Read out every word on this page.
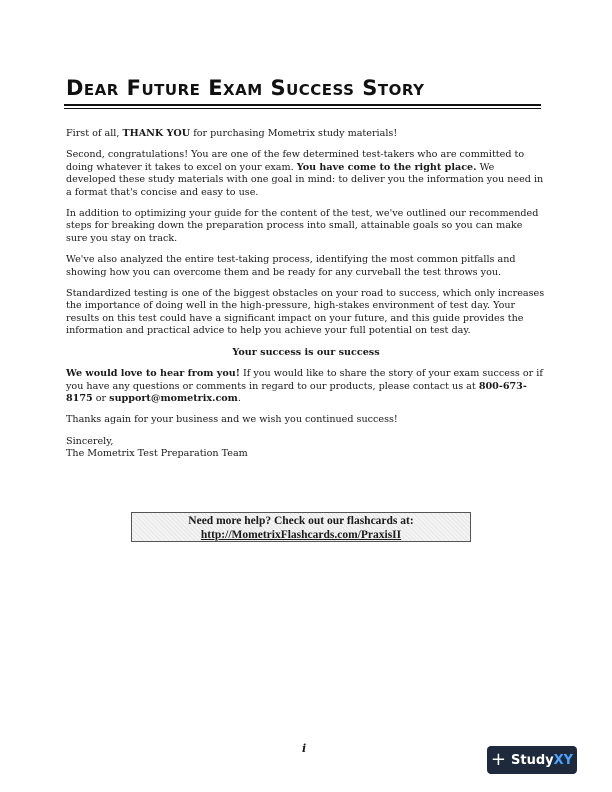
Dear Future Exam Success Story

First of all, THANK YOU for purchasing Mometrix study materials!

Second, congratulations! You are one of the few determined test-takers who are committed to doing whatever it takes to excel on your exam. You have come to the right place. We developed these study materials with one goal in mind: to deliver you the information you need in a format that's concise and easy to use.

In addition to optimizing your guide for the content of the test, we've outlined our recommended steps for breaking down the preparation process into small, attainable goals so you can make sure you stay on track.

We've also analyzed the entire test-taking process, identifying the most common pitfalls and showing how you can overcome them and be ready for any curveball the test throws you.

Standardized testing is one of the biggest obstacles on your road to success, which only increases the importance of doing well in the high-pressure, high-stakes environment of test day. Your results on this test could have a significant impact on your future, and this guide provides the information and practical advice to help you achieve your full potential on test day.

Your success is our success

We would love to hear from you! If you would like to share the story of your exam success or if you have any questions or comments in regard to our products, please contact us at 800-673-8175 or support@mometrix.com.

Thanks again for your business and we wish you continued success!

Sincerely,
The Mometrix Test Preparation Team

Need more help? Check out our flashcards at:
http://MometrixFlashcards.com/PraxisII
i
+ StudyXY
